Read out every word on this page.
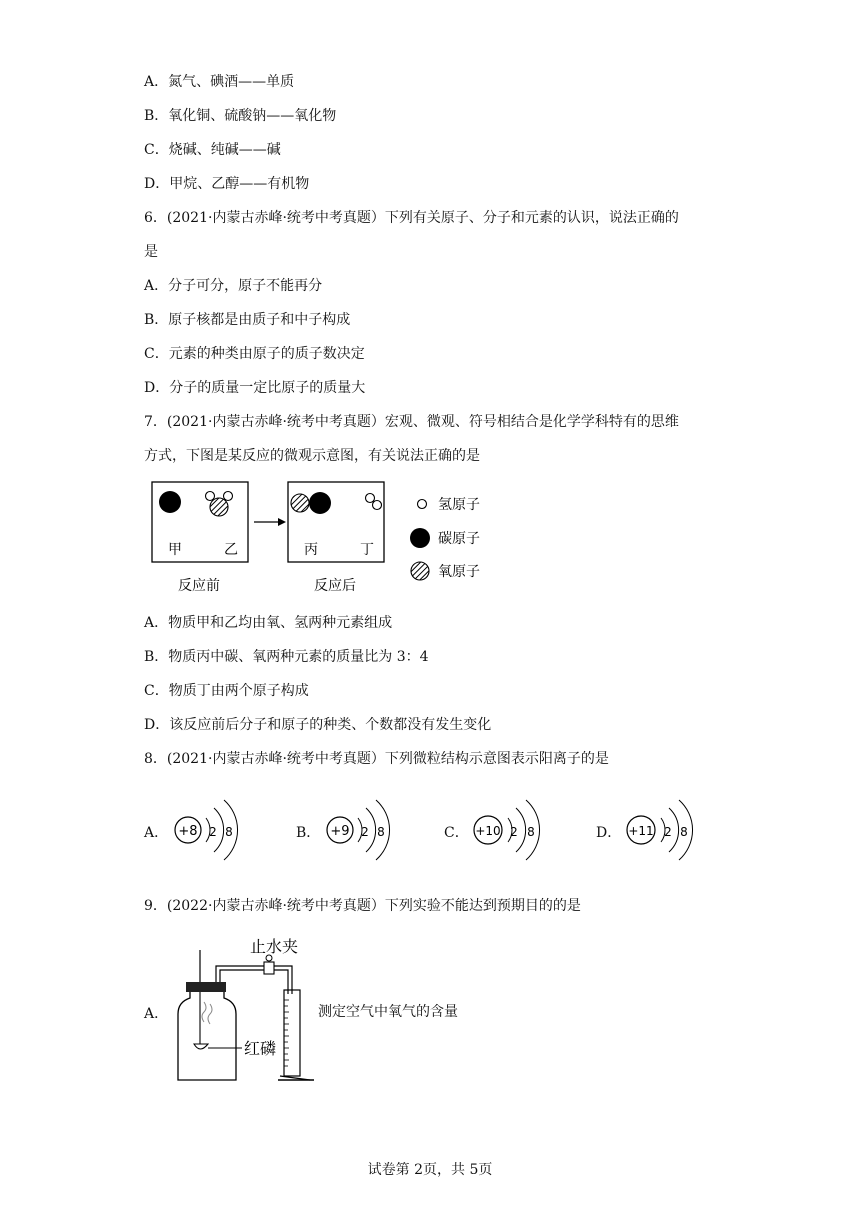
A．氮气、碘酒——单质
B．氧化铜、硫酸钠——氧化物
C．烧碱、纯碱——碱
D．甲烷、乙醇——有机物
6．(2021·内蒙古赤峰·统考中考真题）下列有关原子、分子和元素的认识，说法正确的
是
A．分子可分，原子不能再分
B．原子核都是由质子和中子构成
C．元素的种类由原子的质子数决定
D．分子的质量一定比原子的质量大
7．(2021·内蒙古赤峰·统考中考真题）宏观、微观、符号相结合是化学学科特有的思维
方式，下图是某反应的微观示意图，有关说法正确的是
甲	乙
反应前
丙	丁
反应后
氢原子
碳原子
氧原子
A．物质甲和乙均由氧、氢两种元素组成
B．物质丙中碳、氧两种元素的质量比为 3：4
C．物质丁由两个原子构成
D．该反应前后分子和原子的种类、个数都没有发生变化
8．(2021·内蒙古赤峰·统考中考真题）下列微粒结构示意图表示阳离子的是
A． +8 2 8	B． +9 2 8	C． +10 2 8	D． +11 2 8
9．(2022·内蒙古赤峰·统考中考真题）下列实验不能达到预期目的的是
A．
止水夹
红磷
测定空气中氧气的含量
试卷第 2页，共 5页
